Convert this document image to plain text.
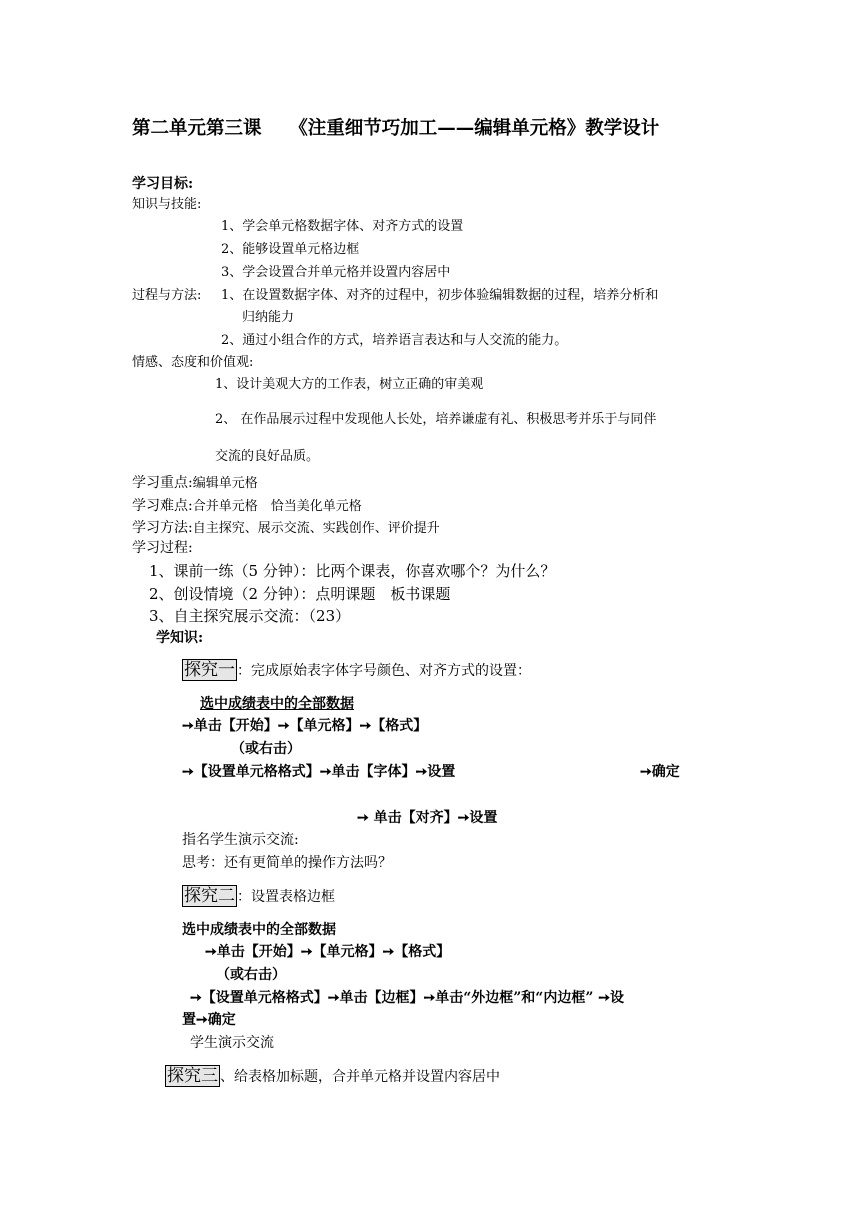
第二单元第三课　　《注重细节巧加工——编辑单元格》教学设计
学习目标:
知识与技能:
1、学会单元格数据字体、对齐方式的设置
2、能够设置单元格边框
3、学会设置合并单元格并设置内容居中
过程与方法: 1、在设置数据字体、对齐的过程中，初步体验编辑数据的过程，培养分析和
归纳能力
2、通过小组合作的方式，培养语言表达和与人交流的能力。
情感、态度和价值观:
1、设计美观大方的工作表，树立正确的审美观
2、 在作品展示过程中发现他人长处，培养谦虚有礼、积极思考并乐于与同伴
交流的良好品质。
学习重点:编辑单元格
学习难点:合并单元格　恰当美化单元格
学习方法:自主探究、展示交流、实践创作、评价提升
学习过程:
1、课前一练（5 分钟）：比两个课表，你喜欢哪个？为什么？
2、创设情境（2 分钟）：点明课题　板书课题
3、自主探究展示交流：（23）
学知识:
探究一 ：完成原始表字体字号颜色、对齐方式的设置：
选中成绩表中的全部数据
➙单击【开始】➙【单元格】➙【格式】
（或右击）
➙【设置单元格格式】➙单击【字体】➙设置	➙确定
➙ 单击【对齐】➙设置
指名学生演示交流:
思考：还有更简单的操作方法吗？
探究二 ：设置表格边框
选中成绩表中的全部数据
➙单击【开始】➙【单元格】➙【格式】
（或右击）
➙【设置单元格格式】➙单击【边框】➙单击“外边框”和“内边框” ➙设
置➙确定
学生演示交流
探究三 、给表格加标题，合并单元格并设置内容居中
